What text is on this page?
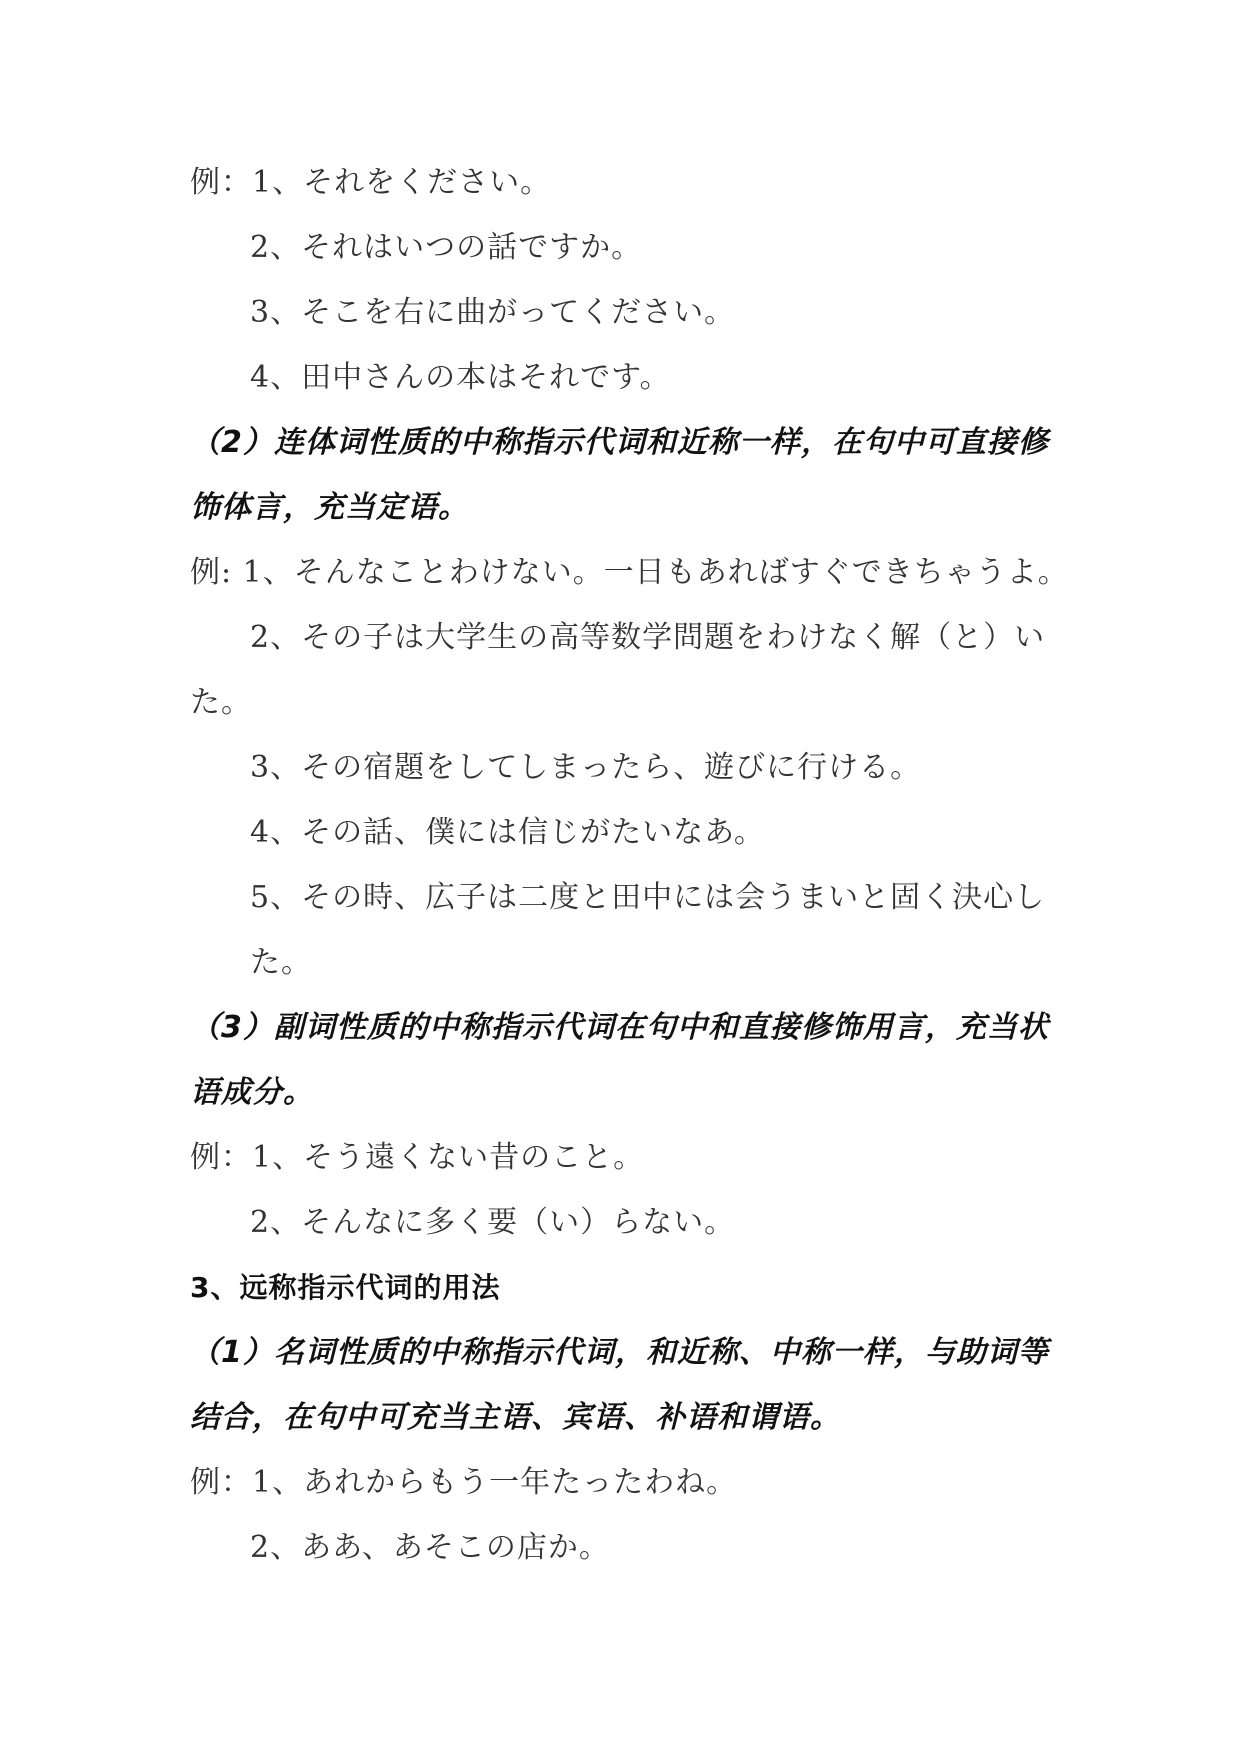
例：1、それをください。
2、それはいつの話ですか。
3、そこを右に曲がってください。
4、田中さんの本はそれです。
（2）连体词性质的中称指示代词和近称一样，在句中可直接修
饰体言，充当定语。
例: 1、そんなことわけない。一日もあればすぐできちゃうよ。
2、その子は大学生の高等数学問題をわけなく解（と）い
た。
3、その宿題をしてしまったら、遊びに行ける。
4、その話、僕には信じがたいなあ。
5、その時、広子は二度と田中には会うまいと固く決心し
た。
（3）副词性质的中称指示代词在句中和直接修饰用言，充当状
语成分。
例：1、そう遠くない昔のこと。
2、そんなに多く要（い）らない。
3、远称指示代词的用法
（1）名词性质的中称指示代词，和近称、中称一样，与助词等
结合，在句中可充当主语、宾语、补语和谓语。
例：1、あれからもう一年たったわね。
2、ああ、あそこの店か。
